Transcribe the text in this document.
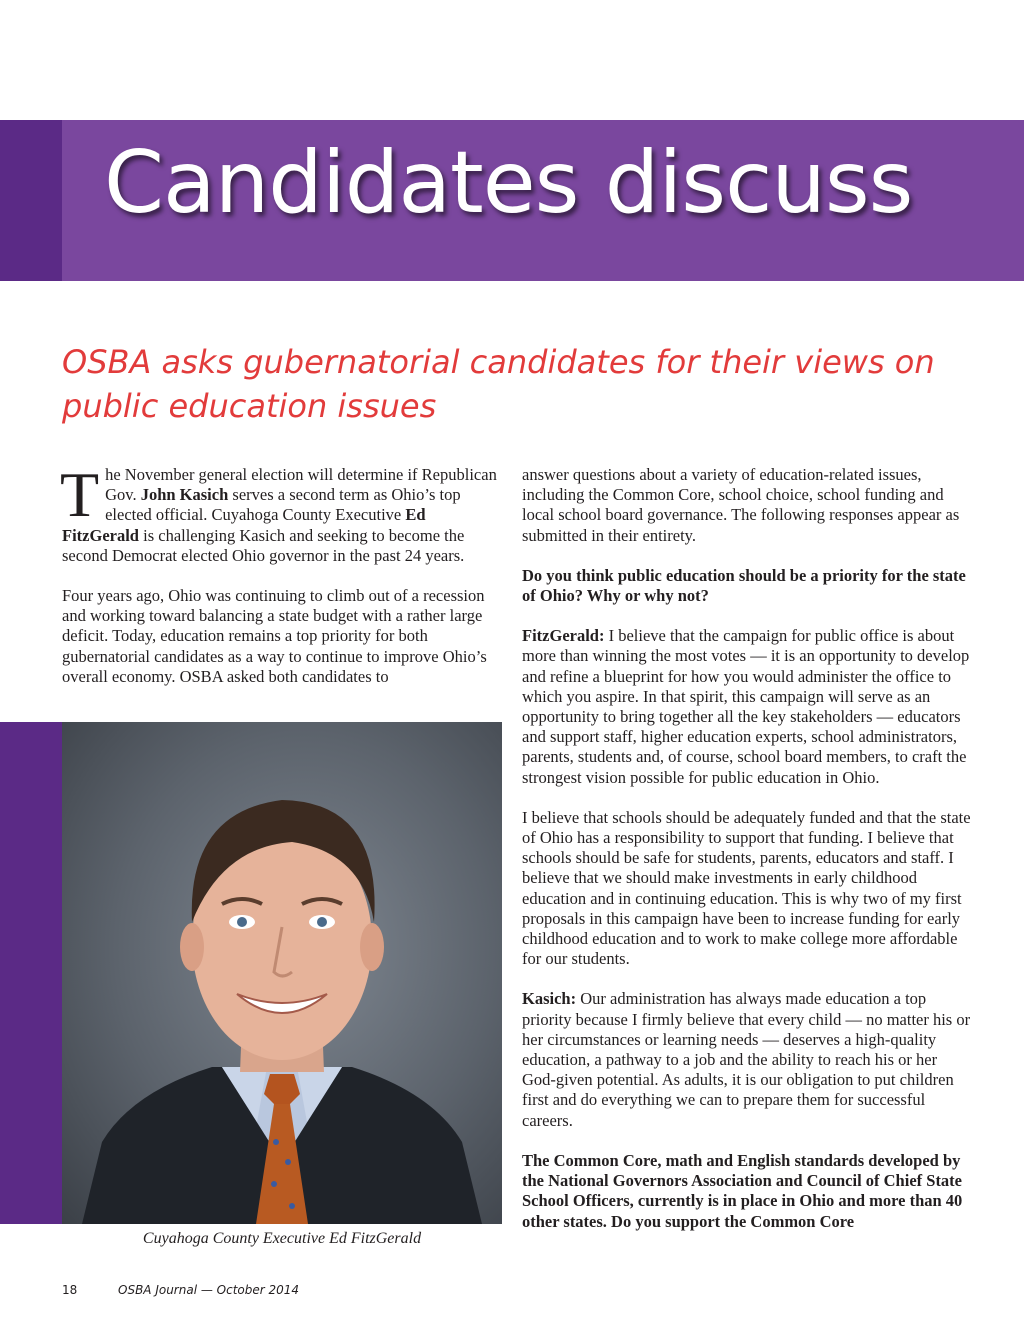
Candidates discuss
OSBA asks gubernatorial candidates for their views on public education issues

The November general election will determine if Republican Gov. John Kasich serves a second term as Ohio’s top elected official. Cuyahoga County Executive Ed FitzGerald is challenging Kasich and seeking to become the second Democrat elected Ohio governor in the past 24 years.

Four years ago, Ohio was continuing to climb out of a recession and working toward balancing a state budget with a rather large deficit. Today, education remains a top priority for both gubernatorial candidates as a way to continue to improve Ohio’s overall economy. OSBA asked both candidates to

Cuyahoga County Executive Ed FitzGerald

answer questions about a variety of education-related issues, including the Common Core, school choice, school funding and local school board governance. The following responses appear as submitted in their entirety.

Do you think public education should be a priority for the state of Ohio? Why or why not?

FitzGerald: I believe that the campaign for public office is about more than winning the most votes — it is an opportunity to develop and refine a blueprint for how you would administer the office to which you aspire. In that spirit, this campaign will serve as an opportunity to bring together all the key stakeholders — educators and support staff, higher education experts, school administrators, parents, students and, of course, school board members, to craft the strongest vision possible for public education in Ohio.

I believe that schools should be adequately funded and that the state of Ohio has a responsibility to support that funding. I believe that schools should be safe for students, parents, educators and staff. I believe that we should make investments in early childhood education and in continuing education. This is why two of my first proposals in this campaign have been to increase funding for early childhood education and to work to make college more affordable for our students.

Kasich: Our administration has always made education a top priority because I firmly believe that every child — no matter his or her circumstances or learning needs — deserves a high-quality education, a pathway to a job and the ability to reach his or her God-given potential. As adults, it is our obligation to put children first and do everything we can to prepare them for successful careers.

The Common Core, math and English standards developed by the National Governors Association and Council of Chief State School Officers, currently is in place in Ohio and more than 40 other states. Do you support the Common Core

18	OSBA Journal — October 2014
